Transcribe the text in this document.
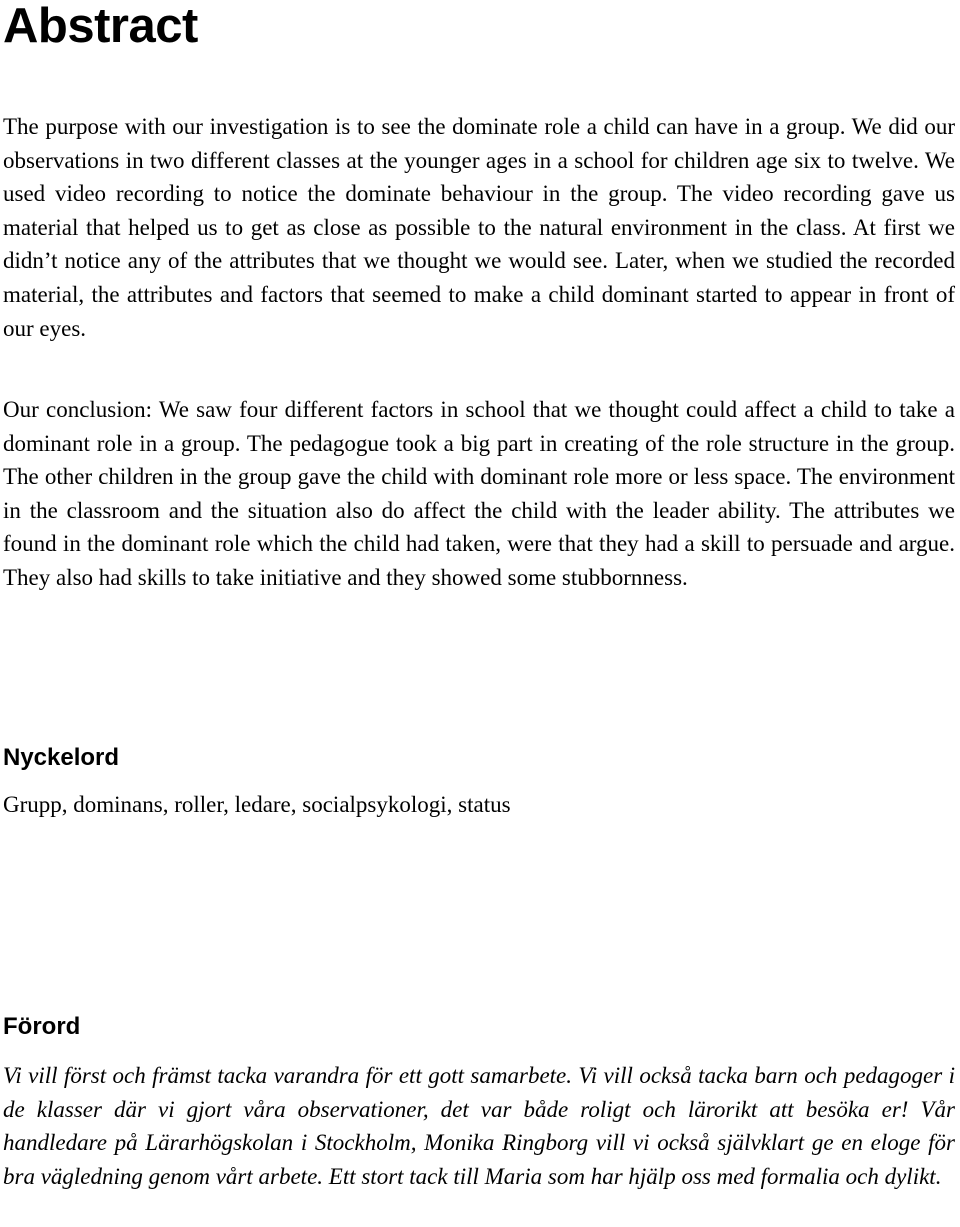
Abstract

The purpose with our investigation is to see the dominate role a child can have in a group. We did our observations in two different classes at the younger ages in a school for children age six to twelve. We used video recording to notice the dominate behaviour in the group. The video recording gave us material that helped us to get as close as possible to the natural environment in the class. At first we didn’t notice any of the attributes that we thought we would see. Later, when we studied the recorded material, the attributes and factors that seemed to make a child dominant started to appear in front of our eyes.

Our conclusion: We saw four different factors in school that we thought could affect a child to take a dominant role in a group. The pedagogue took a big part in creating of the role structure in the group. The other children in the group gave the child with dominant role more or less space. The environment in the classroom and the situation also do affect the child with the leader ability. The attributes we found in the dominant role which the child had taken, were that they had a skill to persuade and argue. They also had skills to take initiative and they showed some stubbornness.

Nyckelord

Grupp, dominans, roller, ledare, socialpsykologi, status

Förord

Vi vill först och främst tacka varandra för ett gott samarbete. Vi vill också tacka barn och pedagoger i de klasser där vi gjort våra observationer, det var både roligt och lärorikt att besöka er! Vår handledare på Lärarhögskolan i Stockholm, Monika Ringborg vill vi också självklart ge en eloge för bra vägledning genom vårt arbete. Ett stort tack till Maria som har hjälp oss med formalia och dylikt.
